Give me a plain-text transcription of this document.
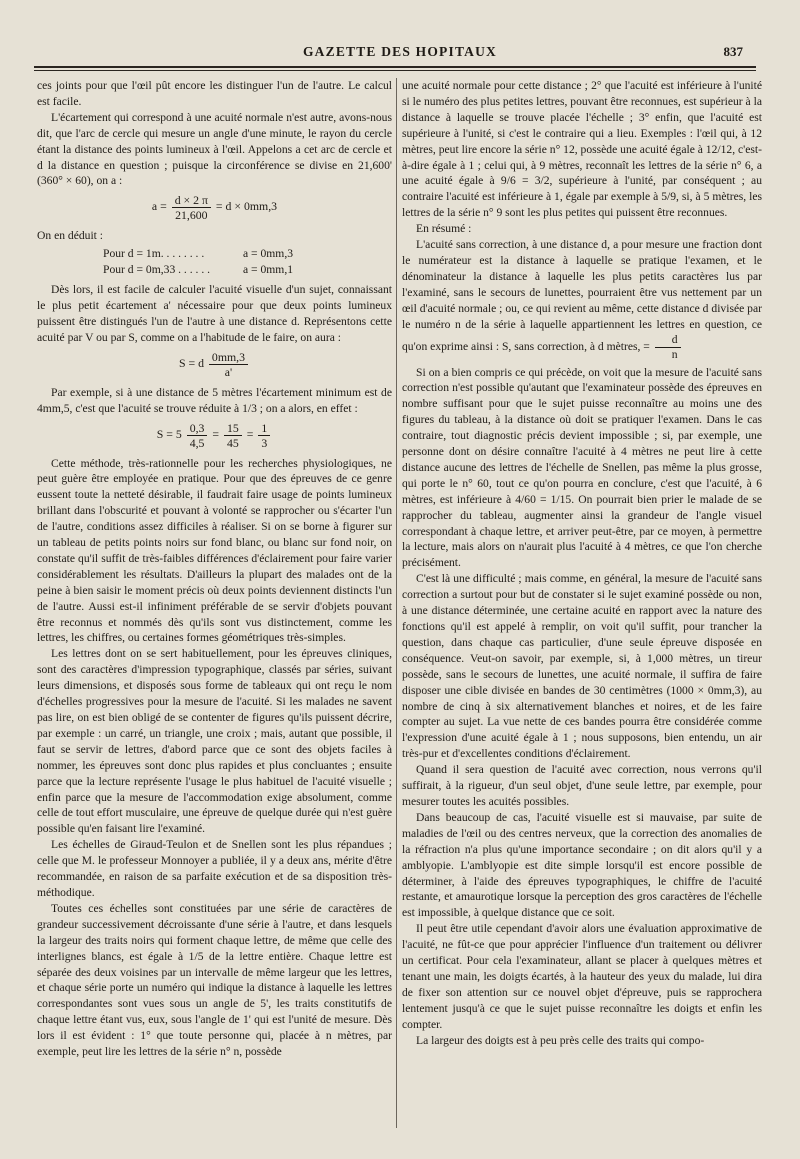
GAZETTE DES HOPITAUX	837

ces joints pour que l'œil pût encore les distinguer l'un de l'autre. Le calcul est facile.

L'écartement qui correspond à une acuité normale n'est autre, avons-nous dit, que l'arc de cercle qui mesure un angle d'une minute, le rayon du cercle étant la distance des points lumineux à l'œil. Appelons a cet arc de cercle et d la distance en question ; puisque la circonférence se divise en 21,600' (360° × 60), on a :

$a = \frac{d \times 2 \pi}{21,600} = d \times 0mm,3$

On en déduit :

Pour d = 1m. . . . . . . .	a = 0mm,3
Pour d = 0m,33 . . . . . .	a = 0mm,1

Dès lors, il est facile de calculer l'acuité visuelle d'un sujet, connaissant le plus petit écartement a' nécessaire pour que deux points lumineux puissent être distingués l'un de l'autre à une distance d. Représentons cette acuité par V ou par S, comme on a l'habitude de le faire, on aura :

S = d $\frac{0mm,3}{a'}$

Par exemple, si à une distance de 5 mètres l'écartement minimum est de 4mm,5, c'est que l'acuité se trouve réduite à 1/3 ; on a alors, en effet :

$S = 5 \frac{0,3}{4,5} = \frac{15}{45} = \frac{1}{3}$

Cette méthode, très-rationnelle pour les recherches physiologiques, ne peut guère être employée en pratique. Pour que des épreuves de ce genre eussent toute la netteté désirable, il faudrait faire usage de points lumineux brillant dans l'obscurité et pouvant à volonté se rapprocher ou s'écarter l'un de l'autre, conditions assez difficiles à réaliser. Si on se borne à figurer sur un tableau de petits points noirs sur fond blanc, ou blanc sur fond noir, on constate qu'il suffit de très-faibles différences d'éclairement pour faire varier considérablement les résultats. D'ailleurs la plupart des malades ont de la peine à bien saisir le moment précis où deux points deviennent distincts l'un de l'autre. Aussi est-il infiniment préférable de se servir d'objets pouvant être reconnus et nommés dès qu'ils sont vus distinctement, comme les lettres, les chiffres, ou certaines formes géométriques très-simples.

Les lettres dont on se sert habituellement, pour les épreuves cliniques, sont des caractères d'impression typographique, classés par séries, suivant leurs dimensions, et disposés sous forme de tableaux qui ont reçu le nom d'échelles progressives pour la mesure de l'acuité. Si les malades ne savent pas lire, on est bien obligé de se contenter de figures qu'ils puissent décrire, par exemple : un carré, un triangle, une croix ; mais, autant que possible, il faut se servir de lettres, d'abord parce que ce sont des objets faciles à nommer, les épreuves sont donc plus rapides et plus concluantes ; ensuite parce que la lecture représente l'usage le plus habituel de l'acuité visuelle ; enfin parce que la mesure de l'accommodation exige absolument, comme celle de tout effort musculaire, une épreuve de quelque durée qui n'est guère possible qu'en faisant lire l'examiné.

Les échelles de Giraud-Teulon et de Snellen sont les plus répandues ; celle que M. le professeur Monnoyer a publiée, il y a deux ans, mérite d'être recommandée, en raison de sa parfaite exécution et de sa disposition très-méthodique.

Toutes ces échelles sont constituées par une série de caractères de grandeur successivement décroissante d'une série à l'autre, et dans lesquels la largeur des traits noirs qui forment chaque lettre, de même que celle des interlignes blancs, est égale à 1/5 de la lettre entière. Chaque lettre est séparée des deux voisines par un intervalle de même largeur que les lettres, et chaque série porte un numéro qui indique la distance à laquelle les lettres correspondantes sont vues sous un angle de 5', les traits constitutifs de chaque lettre étant vus, eux, sous l'angle de 1' qui est l'unité de mesure. Dès lors il est évident : 1° que toute personne qui, placée à n mètres, par exemple, peut lire les lettres de la série n° n, possède

une acuité normale pour cette distance ; 2° que l'acuité est inférieure à l'unité si le numéro des plus petites lettres, pouvant être reconnues, est supérieur à la distance à laquelle se trouve placée l'échelle ; 3° enfin, que l'acuité est supérieure à l'unité, si c'est le contraire qui a lieu. Exemples : l'œil qui, à 12 mètres, peut lire encore la série n° 12, possède une acuité égale à 12/12, c'est-à-dire égale à 1 ; celui qui, à 9 mètres, reconnaît les lettres de la série n° 6, a une acuité égale à 9/6 = 3/2, supérieure à l'unité, par conséquent ; au contraire l'acuité est inférieure à 1, égale par exemple à 5/9, si, à 5 mètres, les lettres de la série n° 9 sont les plus petites qui puissent être reconnues.

En résumé :

L'acuité sans correction, à une distance d, a pour mesure une fraction dont le numérateur est la distance à laquelle se pratique l'examen, et le dénominateur la distance à laquelle les plus petits caractères lus par l'examiné, sans le secours de lunettes, pourraient être vus nettement par un œil d'acuité normale ; ou, ce qui revient au même, cette distance d divisée par le numéro n de la série à laquelle appartiennent les lettres en question, ce qu'on exprime ainsi : S, sans correction, à d mètres, = $\frac{d}{n}$

Si on a bien compris ce qui précède, on voit que la mesure de l'acuité sans correction n'est possible qu'autant que l'examinateur possède des épreuves en nombre suffisant pour que le sujet puisse reconnaître au moins une des figures du tableau, à la distance où doit se pratiquer l'examen. Dans le cas contraire, tout diagnostic précis devient impossible ; si, par exemple, une personne dont on désire connaître l'acuité à 4 mètres ne peut lire à cette distance aucune des lettres de l'échelle de Snellen, pas même la plus grosse, qui porte le n° 60, tout ce qu'on pourra en conclure, c'est que l'acuité, à 6 mètres, est inférieure à 4/60 = 1/15. On pourrait bien prier le malade de se rapprocher du tableau, augmenter ainsi la grandeur de l'angle visuel correspondant à chaque lettre, et arriver peut-être, par ce moyen, à permettre la lecture, mais alors on n'aurait plus l'acuité à 4 mètres, ce que l'on cherche précisément.

C'est là une difficulté ; mais comme, en général, la mesure de l'acuité sans correction a surtout pour but de constater si le sujet examiné possède ou non, à une distance déterminée, une certaine acuité en rapport avec la nature des fonctions qu'il est appelé à remplir, on voit qu'il suffit, pour trancher la question, dans chaque cas particulier, d'une seule épreuve disposée en conséquence. Veut-on savoir, par exemple, si, à 1,000 mètres, un tireur possède, sans le secours de lunettes, une acuité normale, il suffira de faire disposer une cible divisée en bandes de 30 centimètres (1000 × 0mm,3), au nombre de cinq à six alternativement blanches et noires, et de les faire compter au sujet. La vue nette de ces bandes pourra être considérée comme l'expression d'une acuité égale à 1 ; nous supposons, bien entendu, un air très-pur et d'excellentes conditions d'éclairement.

Quand il sera question de l'acuité avec correction, nous verrons qu'il suffirait, à la rigueur, d'un seul objet, d'une seule lettre, par exemple, pour mesurer toutes les acuités possibles.

Dans beaucoup de cas, l'acuité visuelle est si mauvaise, par suite de maladies de l'œil ou des centres nerveux, que la correction des anomalies de la réfraction n'a plus qu'une importance secondaire ; on dit alors qu'il y a amblyopie. L'amblyopie est dite simple lorsqu'il est encore possible de déterminer, à l'aide des épreuves typographiques, le chiffre de l'acuité restante, et amaurotique lorsque la perception des gros caractères de l'échelle est impossible, à quelque distance que ce soit.

Il peut être utile cependant d'avoir alors une évaluation approximative de l'acuité, ne fût-ce que pour apprécier l'influence d'un traitement ou délivrer un certificat. Pour cela l'examinateur, allant se placer à quelques mètres et tenant une main, les doigts écartés, à la hauteur des yeux du malade, lui dira de fixer son attention sur ce nouvel objet d'épreuve, puis se rapprochera lentement jusqu'à ce que le sujet puisse reconnaître les doigts et enfin les compter.

La largeur des doigts est à peu près celle des traits qui compo-
